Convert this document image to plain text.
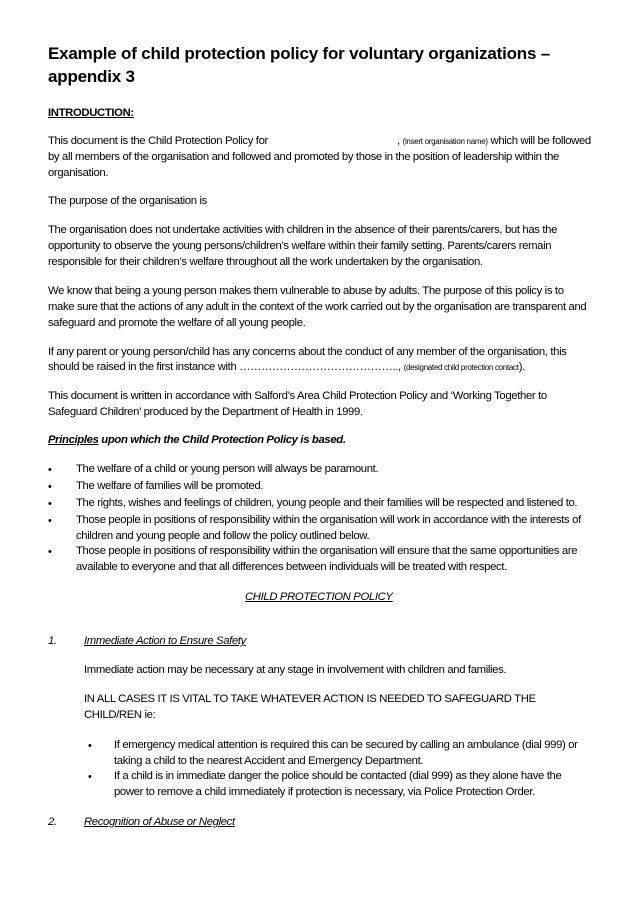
Example of child protection policy for voluntary organizations –
appendix 3
INTRODUCTION:
This document is the Child Protection Policy for	, (insert organisation name) which will be followed
by all members of the organisation and followed and promoted by those in the position of leadership within the
organisation.
The purpose of the organisation is
The organisation does not undertake activities with children in the absence of their parents/carers, but has the
opportunity to observe the young persons/children’s welfare within their family setting. Parents/carers remain
responsible for their children’s welfare throughout all the work undertaken by the organisation.
We know that being a young person makes them vulnerable to abuse by adults. The purpose of this policy is to
make sure that the actions of any adult in the context of the work carried out by the organisation are transparent and
safeguard and promote the welfare of all young people.
If any parent or young person/child has any concerns about the conduct of any member of the organisation, this
should be raised in the first instance with …………………………………….., (designated child protection contact).
This document is written in accordance with Salford’s Area Child Protection Policy and ‘Working Together to
Safeguard Children’ produced by the Department of Health in 1999.
Principles upon which the Child Protection Policy is based.
• The welfare of a child or young person will always be paramount.
• The welfare of families will be promoted.
• The rights, wishes and feelings of children, young people and their families will be respected and listened to.
• Those people in positions of responsibility within the organisation will work in accordance with the interests of
children and young people and follow the policy outlined below.
• Those people in positions of responsibility within the organisation will ensure that the same opportunities are
available to everyone and that all differences between individuals will be treated with respect.
CHILD PROTECTION POLICY
1. Immediate Action to Ensure Safety
Immediate action may be necessary at any stage in involvement with children and families.
IN ALL CASES IT IS VITAL TO TAKE WHATEVER ACTION IS NEEDED TO SAFEGUARD THE
CHILD/REN ie:
• If emergency medical attention is required this can be secured by calling an ambulance (dial 999) or
taking a child to the nearest Accident and Emergency Department.
• If a child is in immediate danger the police should be contacted (dial 999) as they alone have the
power to remove a child immediately if protection is necessary, via Police Protection Order.
2. Recognition of Abuse or Neglect
